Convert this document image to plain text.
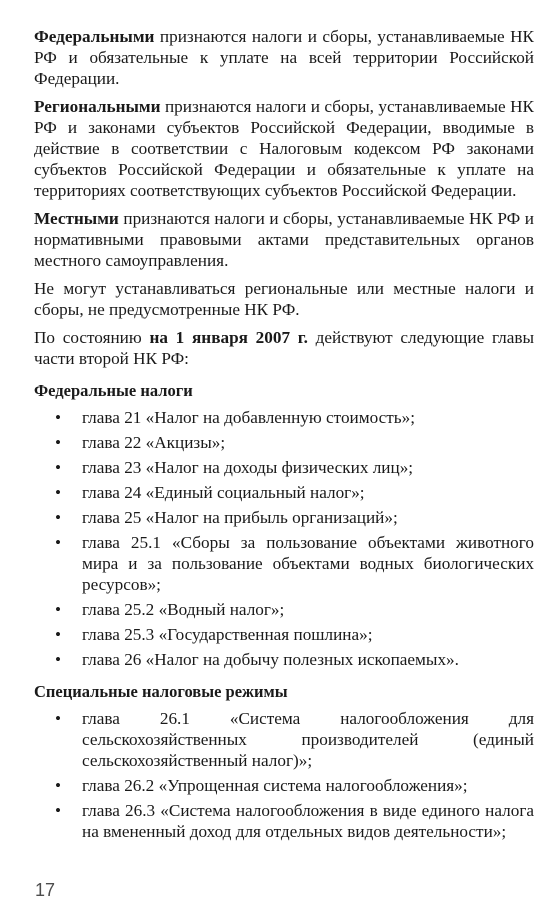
Федеральными признаются налоги и сборы, устанавливаемые НК РФ и обязательные к уплате на всей территории Российской Федерации.

Региональными признаются налоги и сборы, устанавливаемые НК РФ и законами субъектов Российской Федерации, вводимые в действие в соответствии с Налоговым кодексом РФ законами субъектов Российской Федерации и обязательные к уплате на территориях соответствующих субъектов Российской Федерации.

Местными признаются налоги и сборы, устанавливаемые НК РФ и нормативными правовыми актами представительных органов местного самоуправления.

Не могут устанавливаться региональные или местные налоги и сборы, не предусмотренные НК РФ.

По состоянию на 1 января 2007 г. действуют следующие главы части второй НК РФ:

Федеральные налоги
• глава 21 «Налог на добавленную стоимость»;
• глава 22 «Акцизы»;
• глава 23 «Налог на доходы физических лиц»;
• глава 24 «Единый социальный налог»;
• глава 25 «Налог на прибыль организаций»;
• глава 25.1 «Сборы за пользование объектами животного мира и за пользование объектами водных биологических ресурсов»;
• глава 25.2 «Водный налог»;
• глава 25.3 «Государственная пошлина»;
• глава 26 «Налог на добычу полезных ископаемых».
Специальные налоговые режимы
• глава 26.1 «Система налогообложения для сельскохозяйственных производителей (единый сельскохозяйственный налог)»;
• глава 26.2 «Упрощенная система налогообложения»;
• глава 26.3 «Система налогообложения в виде единого налога на вмененный доход для отдельных видов деятельности»;
17
